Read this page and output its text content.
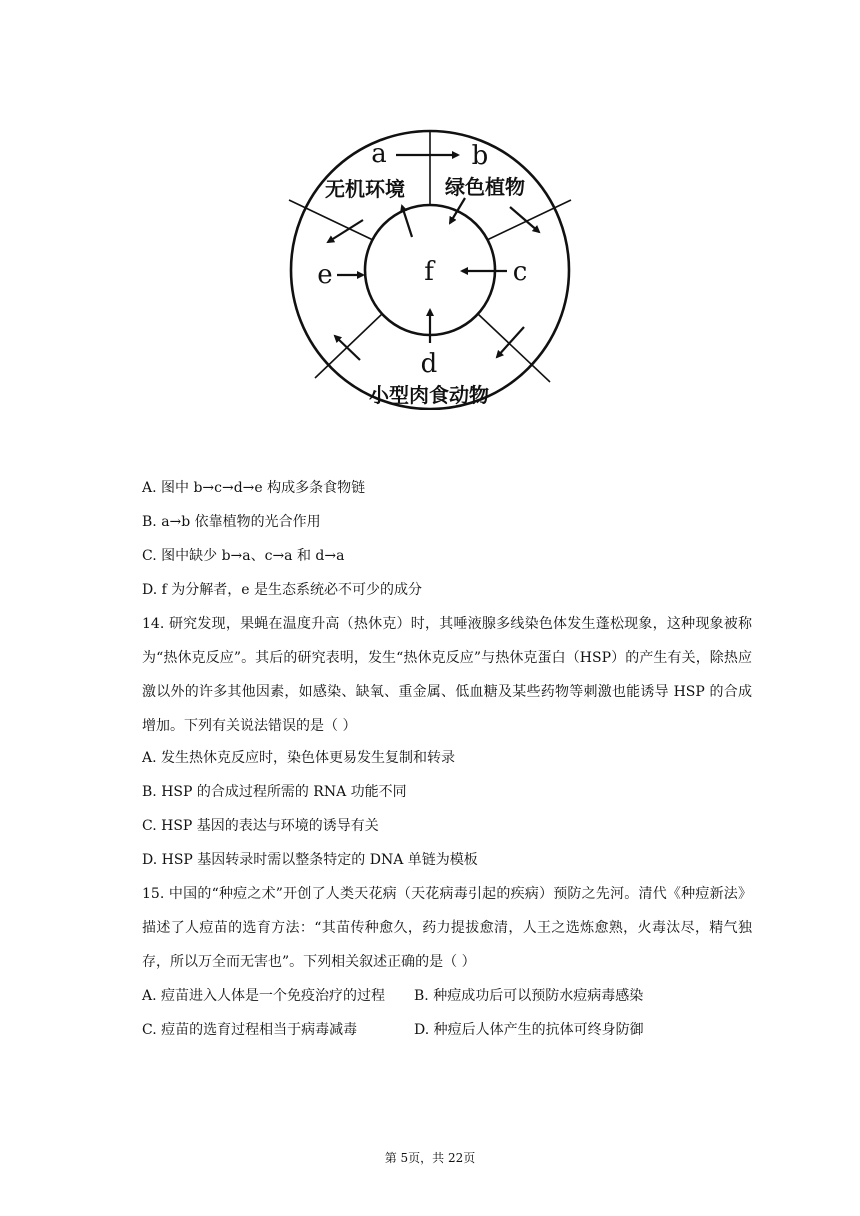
a	b
e	f	c
d
无机环境 绿色植物
小型肉食动物
A. 图中 b→c→d→e 构成多条食物链
B. a→b 依靠植物的光合作用
C. 图中缺少 b→a、c→a 和 d→a
D. f 为分解者，e 是生态系统必不可少的成分
14. 研究发现，果蝇在温度升高（热休克）时，其唾液腺多线染色体发生蓬松现象，这种现象被称为“热休克反应”。其后的研究表明，发生“热休克反应”与热休克蛋白（HSP）的产生有关，除热应激以外的许多其他因素，如感染、缺氧、重金属、低血糖及某些药物等刺激也能诱导 HSP 的合成增加。下列有关说法错误的是（ ）
A. 发生热休克反应时，染色体更易发生复制和转录
B. HSP 的合成过程所需的 RNA 功能不同
C. HSP 基因的表达与环境的诱导有关
D. HSP 基因转录时需以整条特定的 DNA 单链为模板
15. 中国的“种痘之术”开创了人类天花病（天花病毒引起的疾病）预防之先河。清代《种痘新法》描述了人痘苗的选育方法：“其苗传种愈久，药力提拔愈清，人王之选炼愈熟，火毒汰尽，精气独存，所以万全而无害也”。下列相关叙述正确的是（ ）
A. 痘苗进入人体是一个免疫治疗的过程 B. 种痘成功后可以预防水痘病毒感染
C. 痘苗的选育过程相当于病毒减毒	D. 种痘后人体产生的抗体可终身防御
第 5页，共 22页
